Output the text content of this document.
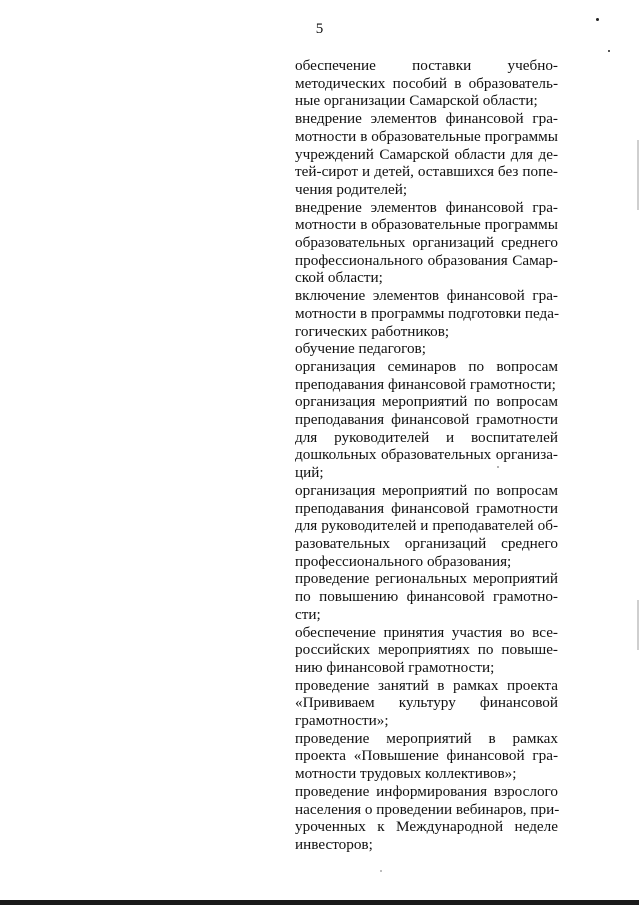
5
обеспечение поставки учебно-
методических пособий в образователь-
ные организации Самарской области;
внедрение элементов финансовой гра-
мотности в образовательные программы
учреждений Самарской области для де-
тей-сирот и детей, оставшихся без попе-
чения родителей;
внедрение элементов финансовой гра-
мотности в образовательные программы
образовательных организаций среднего
профессионального образования Самар-
ской области;
включение элементов финансовой гра-
мотности в программы подготовки педа-
гогических работников;
обучение педагогов;
организация семинаров по вопросам
преподавания финансовой грамотности;
организация мероприятий по вопросам
преподавания финансовой грамотности
для руководителей и воспитателей
дошкольных образовательных организа-
ций;
организация мероприятий по вопросам
преподавания финансовой грамотности
для руководителей и преподавателей об-
разовательных организаций среднего
профессионального образования;
проведение региональных мероприятий
по повышению финансовой грамотно-
сти;
обеспечение принятия участия во все-
российских мероприятиях по повыше-
нию финансовой грамотности;
проведение занятий в рамках проекта
«Прививаем культуру финансовой
грамотности»;
проведение мероприятий в рамках
проекта «Повышение финансовой гра-
мотности трудовых коллективов»;
проведение информирования взрослого
населения о проведении вебинаров, при-
уроченных к Международной неделе
инвесторов;
